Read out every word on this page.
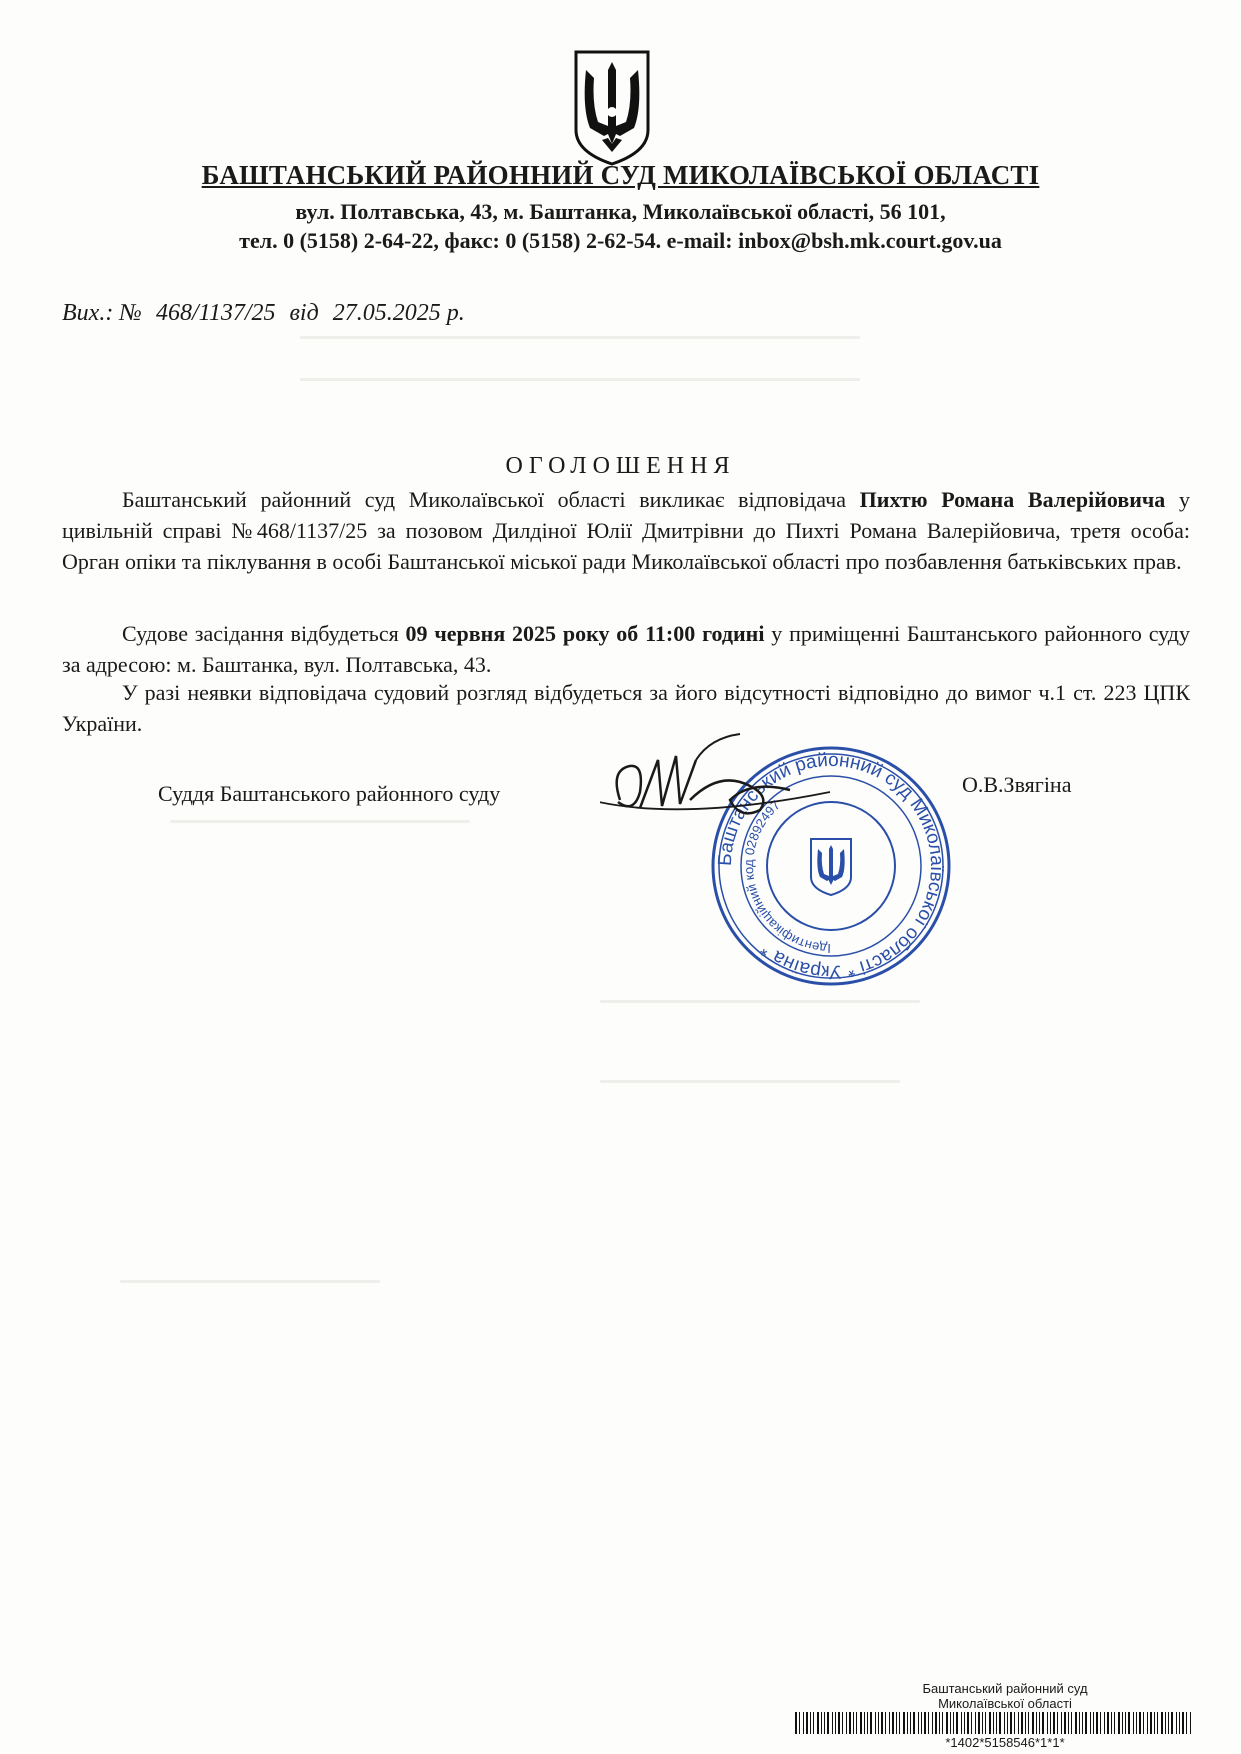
БАШТАНСЬКИЙ РАЙОННИЙ СУД МИКОЛАЇВСЬКОЇ ОБЛАСТІ
вул. Полтавська, 43, м. Баштанка, Миколаївської області, 56 101,
тел. 0 (5158) 2-64-22, факс: 0 (5158) 2-62-54. e-mail: inbox@bsh.mk.court.gov.ua
Вих.: № 468/1137/25 від 27.05.2025 р.
ОГОЛОШЕННЯ
Баштанський районний суд Миколаївської області викликає відповідача Пихтю Романа Валерійовича у цивільній справі №468/1137/25 за позовом Дилдіної Юлії Дмитрівни до Пихті Романа Валерійовича, третя особа: Орган опіки та піклування в особі Баштанської міської ради Миколаївської області про позбавлення батьківських прав.
Судове засідання відбудеться 09 червня 2025 року об 11:00 годині у приміщенні Баштанського районного суду за адресою: м. Баштанка, вул. Полтавська, 43.
У разі неявки відповідача судовий розгляд відбудеться за його відсутності відповідно до вимог ч.1 ст. 223 ЦПК України.
Суддя Баштанського районного суду
Баштанський районний суд Миколаївської області * Україна *	Ідентифікаційний код 02892497
О.В.Звягіна
Баштанський районний суд
Миколаївської області
*1402*5158546*1*1*
